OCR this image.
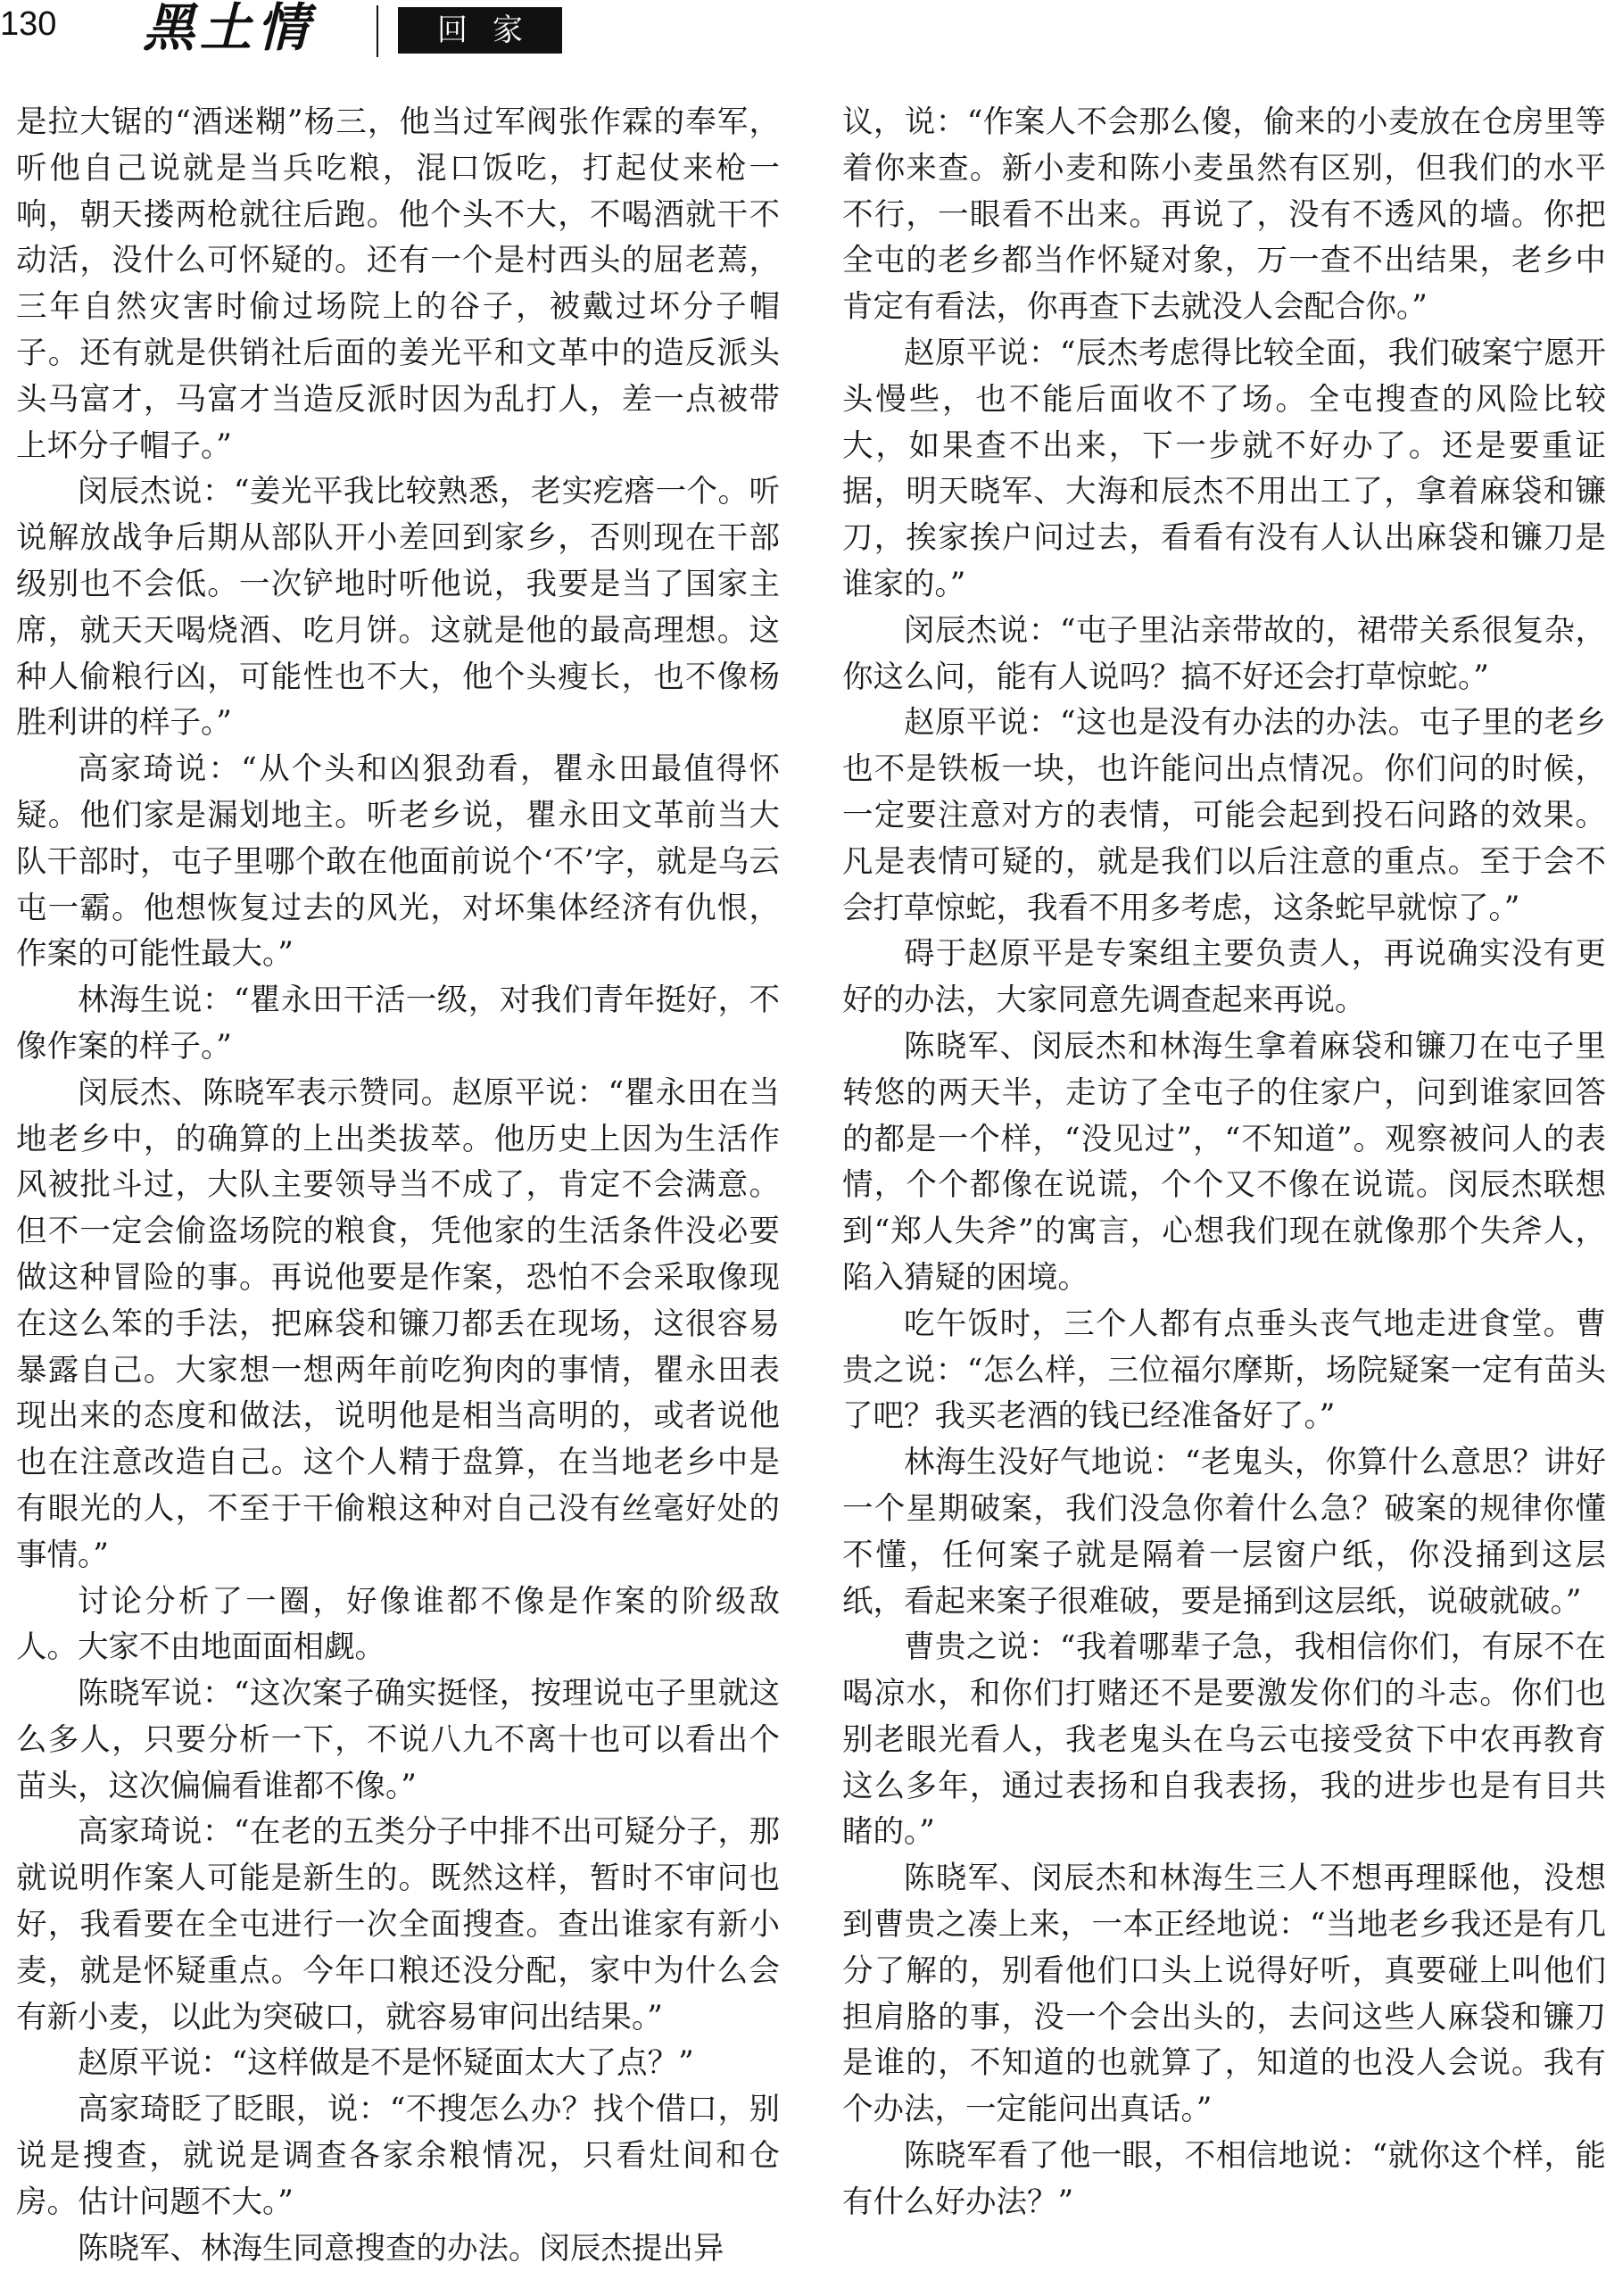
130 黑土情	回家

是拉大锯的“酒迷糊”杨三，他当过军阀张作霖的奉军，听他自己说就是当兵吃粮，混口饭吃，打起仗来枪一响，朝天搂两枪就往后跑。他个头不大，不喝酒就干不动活，没什么可怀疑的。还有一个是村西头的屈老蔫，三年自然灾害时偷过场院上的谷子，被戴过坏分子帽子。还有就是供销社后面的姜光平和文革中的造反派头头马富才，马富才当造反派时因为乱打人，差一点被带上坏分子帽子。”

闵辰杰说：“姜光平我比较熟悉，老实疙瘩一个。听说解放战争后期从部队开小差回到家乡，否则现在干部级别也不会低。一次铲地时听他说，我要是当了国家主席，就天天喝烧酒、吃月饼。这就是他的最高理想。这种人偷粮行凶，可能性也不大，他个头瘦长，也不像杨胜利讲的样子。”

高家琦说：“从个头和凶狠劲看，瞿永田最值得怀疑。他们家是漏划地主。听老乡说，瞿永田文革前当大队干部时，屯子里哪个敢在他面前说个‘不’字，就是乌云屯一霸。他想恢复过去的风光，对坏集体经济有仇恨，作案的可能性最大。”

林海生说：“瞿永田干活一级，对我们青年挺好，不像作案的样子。”

闵辰杰、陈晓军表示赞同。赵原平说：“瞿永田在当地老乡中，的确算的上出类拔萃。他历史上因为生活作风被批斗过，大队主要领导当不成了，肯定不会满意。但不一定会偷盗场院的粮食，凭他家的生活条件没必要做这种冒险的事。再说他要是作案，恐怕不会采取像现在这么笨的手法，把麻袋和镰刀都丢在现场，这很容易暴露自己。大家想一想两年前吃狗肉的事情，瞿永田表现出来的态度和做法，说明他是相当高明的，或者说他也在注意改造自己。这个人精于盘算，在当地老乡中是有眼光的人，不至于干偷粮这种对自己没有丝毫好处的事情。”

讨论分析了一圈，好像谁都不像是作案的阶级敌人。大家不由地面面相觑。

陈晓军说：“这次案子确实挺怪，按理说屯子里就这么多人，只要分析一下，不说八九不离十也可以看出个苗头，这次偏偏看谁都不像。”

高家琦说：“在老的五类分子中排不出可疑分子，那就说明作案人可能是新生的。既然这样，暂时不审问也好，我看要在全屯进行一次全面搜查。查出谁家有新小麦，就是怀疑重点。今年口粮还没分配，家中为什么会有新小麦，以此为突破口，就容易审问出结果。”

赵原平说：“这样做是不是怀疑面太大了点？”

高家琦眨了眨眼，说：“不搜怎么办？找个借口，别说是搜查，就说是调查各家余粮情况，只看灶间和仓房。估计问题不大。”

陈晓军、林海生同意搜查的办法。闵辰杰提出异

议，说：“作案人不会那么傻，偷来的小麦放在仓房里等着你来查。新小麦和陈小麦虽然有区别，但我们的水平不行，一眼看不出来。再说了，没有不透风的墙。你把全屯的老乡都当作怀疑对象，万一查不出结果，老乡中肯定有看法，你再查下去就没人会配合你。”

赵原平说：“辰杰考虑得比较全面，我们破案宁愿开头慢些，也不能后面收不了场。全屯搜查的风险比较大，如果查不出来，下一步就不好办了。还是要重证据，明天晓军、大海和辰杰不用出工了，拿着麻袋和镰刀，挨家挨户问过去，看看有没有人认出麻袋和镰刀是谁家的。”

闵辰杰说：“屯子里沾亲带故的，裙带关系很复杂，你这么问，能有人说吗？搞不好还会打草惊蛇。”

赵原平说：“这也是没有办法的办法。屯子里的老乡也不是铁板一块，也许能问出点情况。你们问的时候，一定要注意对方的表情，可能会起到投石问路的效果。凡是表情可疑的，就是我们以后注意的重点。至于会不会打草惊蛇，我看不用多考虑，这条蛇早就惊了。”

碍于赵原平是专案组主要负责人，再说确实没有更好的办法，大家同意先调查起来再说。

陈晓军、闵辰杰和林海生拿着麻袋和镰刀在屯子里转悠的两天半，走访了全屯子的住家户，问到谁家回答的都是一个样，“没见过”，“不知道”。观察被问人的表情，个个都像在说谎，个个又不像在说谎。闵辰杰联想到“郑人失斧”的寓言，心想我们现在就像那个失斧人，陷入猜疑的困境。

吃午饭时，三个人都有点垂头丧气地走进食堂。曹贵之说：“怎么样，三位福尔摩斯，场院疑案一定有苗头了吧？我买老酒的钱已经准备好了。”

林海生没好气地说：“老鬼头，你算什么意思？讲好一个星期破案，我们没急你着什么急？破案的规律你懂不懂，任何案子就是隔着一层窗户纸，你没捅到这层纸，看起来案子很难破，要是捅到这层纸，说破就破。”

曹贵之说：“我着哪辈子急，我相信你们，有尿不在喝凉水，和你们打赌还不是要激发你们的斗志。你们也别老眼光看人，我老鬼头在乌云屯接受贫下中农再教育这么多年，通过表扬和自我表扬，我的进步也是有目共睹的。”

陈晓军、闵辰杰和林海生三人不想再理睬他，没想到曹贵之凑上来，一本正经地说：“当地老乡我还是有几分了解的，别看他们口头上说得好听，真要碰上叫他们担肩胳的事，没一个会出头的，去问这些人麻袋和镰刀是谁的，不知道的也就算了，知道的也没人会说。我有个办法，一定能问出真话。”

陈晓军看了他一眼，不相信地说：“就你这个样，能有什么好办法？”
